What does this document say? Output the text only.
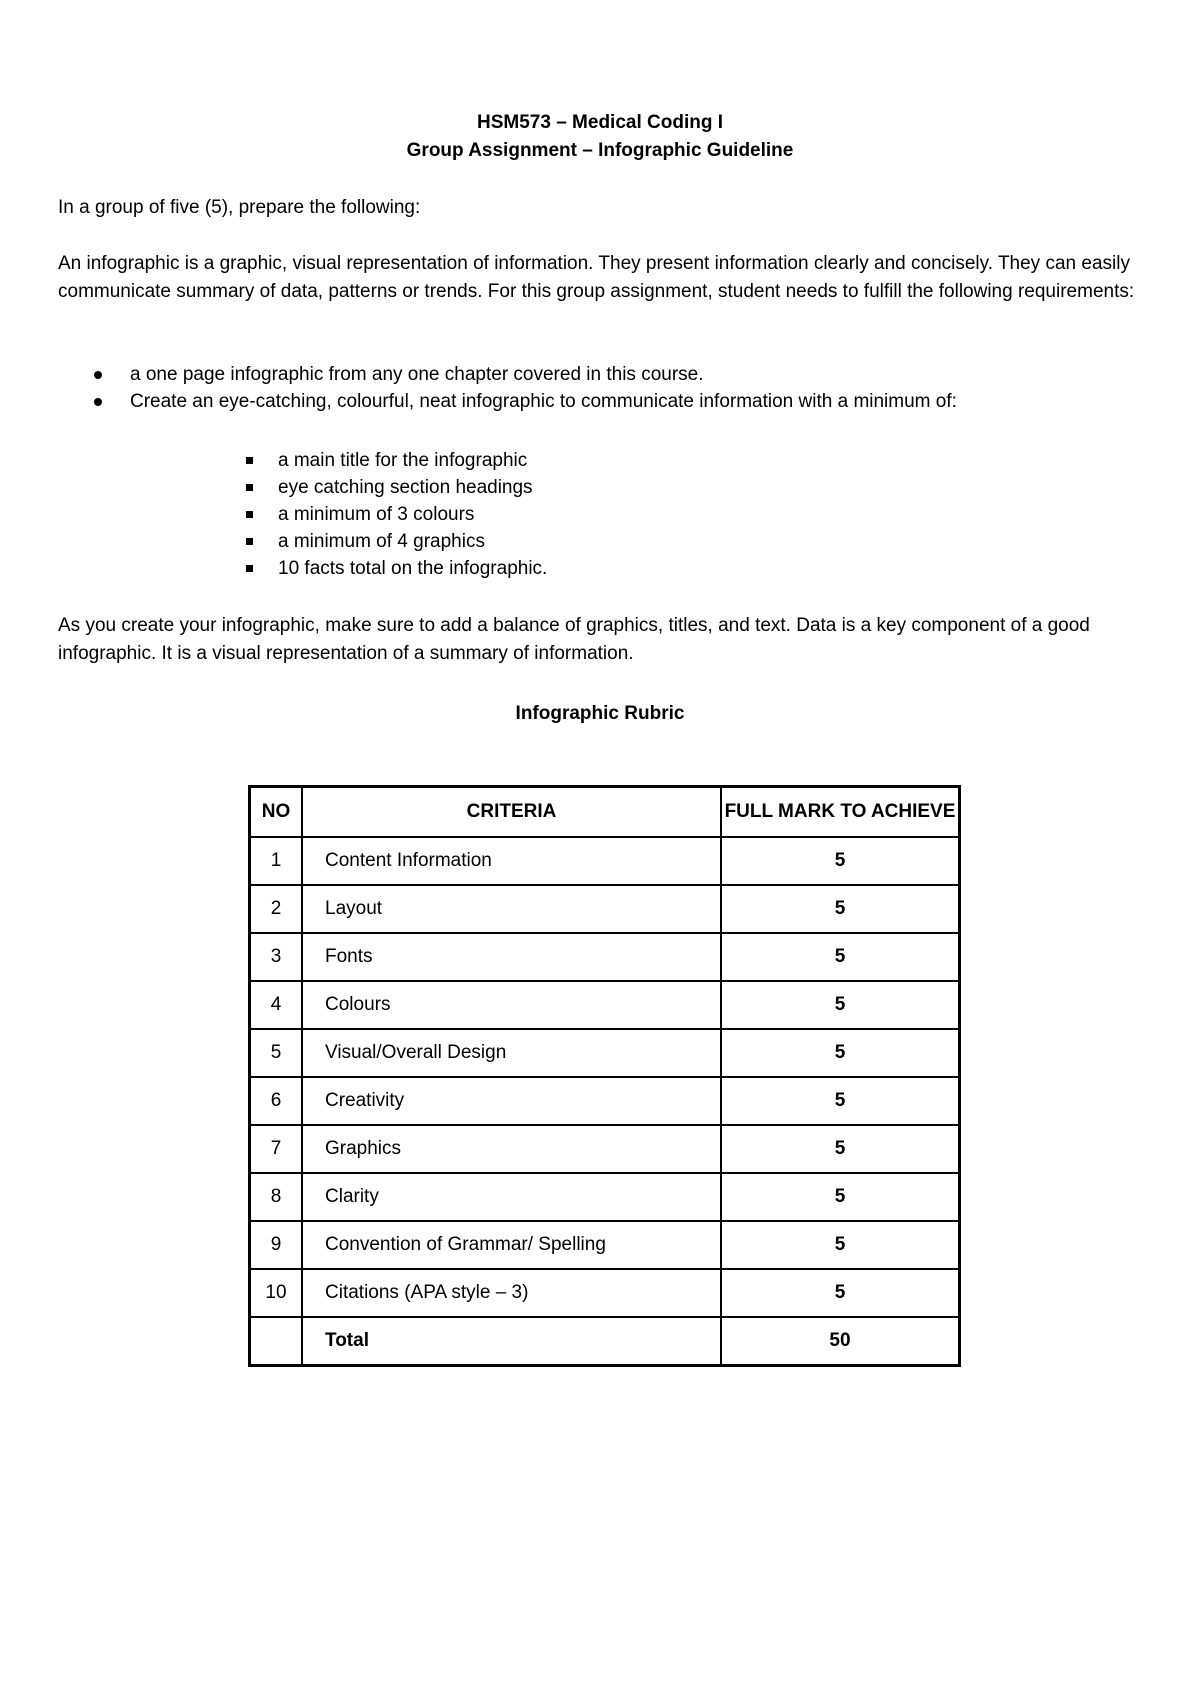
HSM573 – Medical Coding I
Group Assignment – Infographic Guideline

In a group of five (5), prepare the following:

An infographic is a graphic, visual representation of information. They present information clearly and concisely. They can easily communicate summary of data, patterns or trends. For this group assignment, student needs to fulfill the following requirements:

a one page infographic from any one chapter covered in this course.
Create an eye-catching, colourful, neat infographic to communicate information with a minimum of:
a main title for the infographic
eye catching section headings
a minimum of 3 colours
a minimum of 4 graphics
10 facts total on the infographic.

As you create your infographic, make sure to add a balance of graphics, titles, and text. Data is a key component of a good infographic. It is a visual representation of a summary of information.

Infographic Rubric
NO	CRITERIA	FULL MARK TO ACHIEVE
1	Content Information	5
2	Layout	5
3	Fonts	5
4	Colours	5
5	Visual/Overall Design	5
6	Creativity	5
7	Graphics	5
8	Clarity	5
9	Convention of Grammar/ Spelling	5
10	Citations (APA style – 3)	5
	Total	50
